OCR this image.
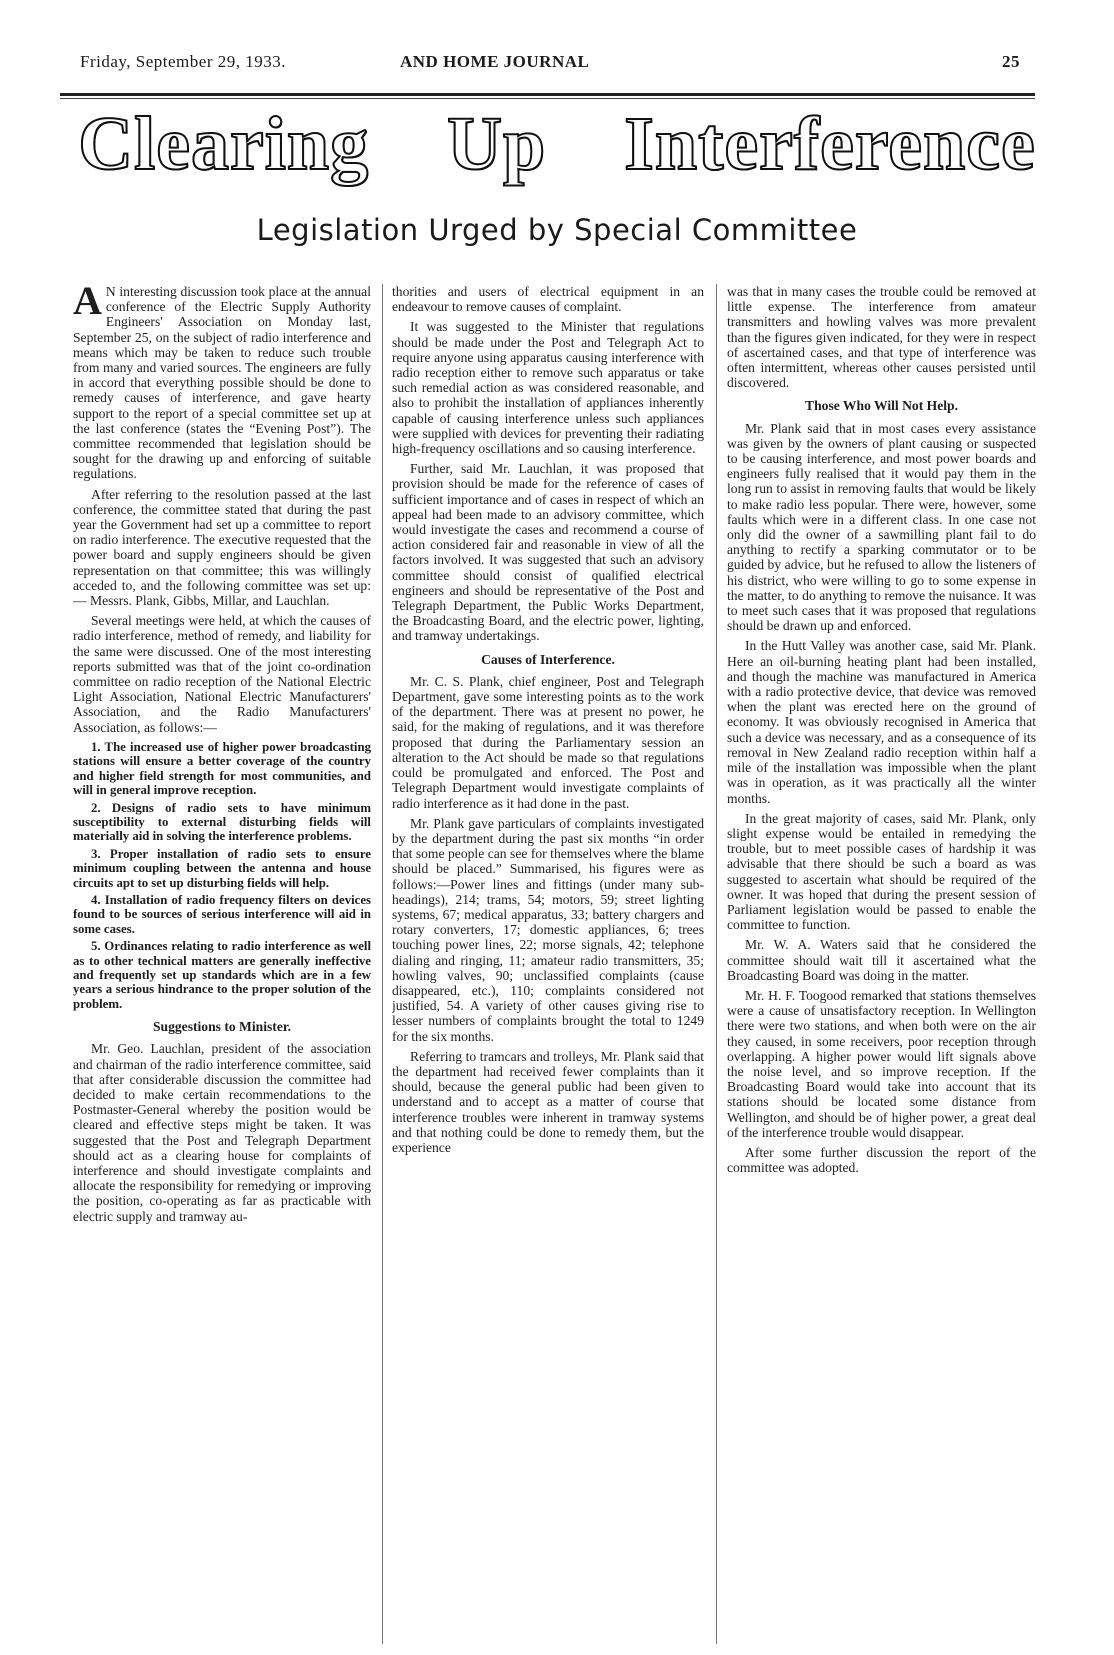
Friday, September 29, 1933.	AND HOME JOURNAL	25
Clearing Up Interference
Legislation Urged by Special Committee

A N interesting discussion took place at the annual conference of the Electric Supply Authority Engineers' Association on Monday last, September 25, on the subject of radio interference and means which may be taken to reduce such trouble from many and varied sources. The engineers are fully in accord that everything possible should be done to remedy causes of interference, and gave hearty support to the report of a special committee set up at the last conference (states the “Evening Post”). The committee recommended that legislation should be sought for the drawing up and enforcing of suitable regulations.

After referring to the resolution passed at the last conference, the committee stated that during the past year the Government had set up a committee to report on radio interference. The executive requested that the power board and supply engineers should be given representation on that committee; this was willingly acceded to, and the following committee was set up:— Messrs. Plank, Gibbs, Millar, and Lauchlan.

Several meetings were held, at which the causes of radio interference, method of remedy, and liability for the same were discussed. One of the most interesting reports submitted was that of the joint co-ordination committee on radio reception of the National Electric Light Association, National Electric Manufacturers' Association, and the Radio Manufacturers' Association, as follows:—

1. The increased use of higher power broadcasting stations will ensure a better coverage of the country and higher field strength for most communities, and will in general improve reception.

2. Designs of radio sets to have minimum susceptibility to external disturbing fields will materially aid in solving the interference problems.

3. Proper installation of radio sets to ensure minimum coupling between the antenna and house circuits apt to set up disturbing fields will help.

4. Installation of radio frequency filters on devices found to be sources of serious interference will aid in some cases.

5. Ordinances relating to radio interference as well as to other technical matters are generally ineffective and frequently set up standards which are in a few years a serious hindrance to the proper solution of the problem.

Suggestions to Minister.

Mr. Geo. Lauchlan, president of the association and chairman of the radio interference committee, said that after considerable discussion the committee had decided to make certain recommendations to the Postmaster-General whereby the position would be cleared and effective steps might be taken. It was suggested that the Post and Telegraph Department should act as a clearing house for complaints of interference and should investigate complaints and allocate the responsibility for remedying or improving the position, co-operating as far as practicable with electric supply and tramway au-

thorities and users of electrical equipment in an endeavour to remove causes of complaint.

It was suggested to the Minister that regulations should be made under the Post and Telegraph Act to require anyone using apparatus causing interference with radio reception either to remove such apparatus or take such remedial action as was considered reasonable, and also to prohibit the installation of appliances inherently capable of causing interference unless such appliances were supplied with devices for preventing their radiating high-frequency oscillations and so causing interference.

Further, said Mr. Lauchlan, it was proposed that provision should be made for the reference of cases of sufficient importance and of cases in respect of which an appeal had been made to an advisory committee, which would investigate the cases and recommend a course of action considered fair and reasonable in view of all the factors involved. It was suggested that such an advisory committee should consist of qualified electrical engineers and should be representative of the Post and Telegraph Department, the Public Works Department, the Broadcasting Board, and the electric power, lighting, and tramway undertakings.

Causes of Interference.

Mr. C. S. Plank, chief engineer, Post and Telegraph Department, gave some interesting points as to the work of the department. There was at present no power, he said, for the making of regulations, and it was therefore proposed that during the Parliamentary session an alteration to the Act should be made so that regulations could be promulgated and enforced. The Post and Telegraph Department would investigate complaints of radio interference as it had done in the past.

Mr. Plank gave particulars of complaints investigated by the department during the past six months “in order that some people can see for themselves where the blame should be placed.” Summarised, his figures were as follows:—Power lines and fittings (under many sub-headings), 214; trams, 54; motors, 59; street lighting systems, 67; medical apparatus, 33; battery chargers and rotary converters, 17; domestic appliances, 6; trees touching power lines, 22; morse signals, 42; telephone dialing and ringing, 11; amateur radio transmitters, 35; howling valves, 90; unclassified complaints (cause disappeared, etc.), 110; complaints considered not justified, 54. A variety of other causes giving rise to lesser numbers of complaints brought the total to 1249 for the six months.

Referring to tramcars and trolleys, Mr. Plank said that the department had received fewer complaints than it should, because the general public had been given to understand and to accept as a matter of course that interference troubles were inherent in tramway systems and that nothing could be done to remedy them, but the experience

was that in many cases the trouble could be removed at little expense. The interference from amateur transmitters and howling valves was more prevalent than the figures given indicated, for they were in respect of ascertained cases, and that type of interference was often intermittent, whereas other causes persisted until discovered.

Those Who Will Not Help.

Mr. Plank said that in most cases every assistance was given by the owners of plant causing or suspected to be causing interference, and most power boards and engineers fully realised that it would pay them in the long run to assist in removing faults that would be likely to make radio less popular. There were, however, some faults which were in a different class. In one case not only did the owner of a sawmilling plant fail to do anything to rectify a sparking commutator or to be guided by advice, but he refused to allow the listeners of his district, who were willing to go to some expense in the matter, to do anything to remove the nuisance. It was to meet such cases that it was proposed that regulations should be drawn up and enforced.

In the Hutt Valley was another case, said Mr. Plank. Here an oil-burning heating plant had been installed, and though the machine was manufactured in America with a radio protective device, that device was removed when the plant was erected here on the ground of economy. It was obviously recognised in America that such a device was necessary, and as a consequence of its removal in New Zealand radio reception within half a mile of the installation was impossible when the plant was in operation, as it was practically all the winter months.

In the great majority of cases, said Mr. Plank, only slight expense would be entailed in remedying the trouble, but to meet possible cases of hardship it was advisable that there should be such a board as was suggested to ascertain what should be required of the owner. It was hoped that during the present session of Parliament legislation would be passed to enable the committee to function.

Mr. W. A. Waters said that he considered the committee should wait till it ascertained what the Broadcasting Board was doing in the matter.

Mr. H. F. Toogood remarked that stations themselves were a cause of unsatisfactory reception. In Wellington there were two stations, and when both were on the air they caused, in some receivers, poor reception through overlapping. A higher power would lift signals above the noise level, and so improve reception. If the Broadcasting Board would take into account that its stations should be located some distance from Wellington, and should be of higher power, a great deal of the interference trouble would disappear.

After some further discussion the report of the committee was adopted.
